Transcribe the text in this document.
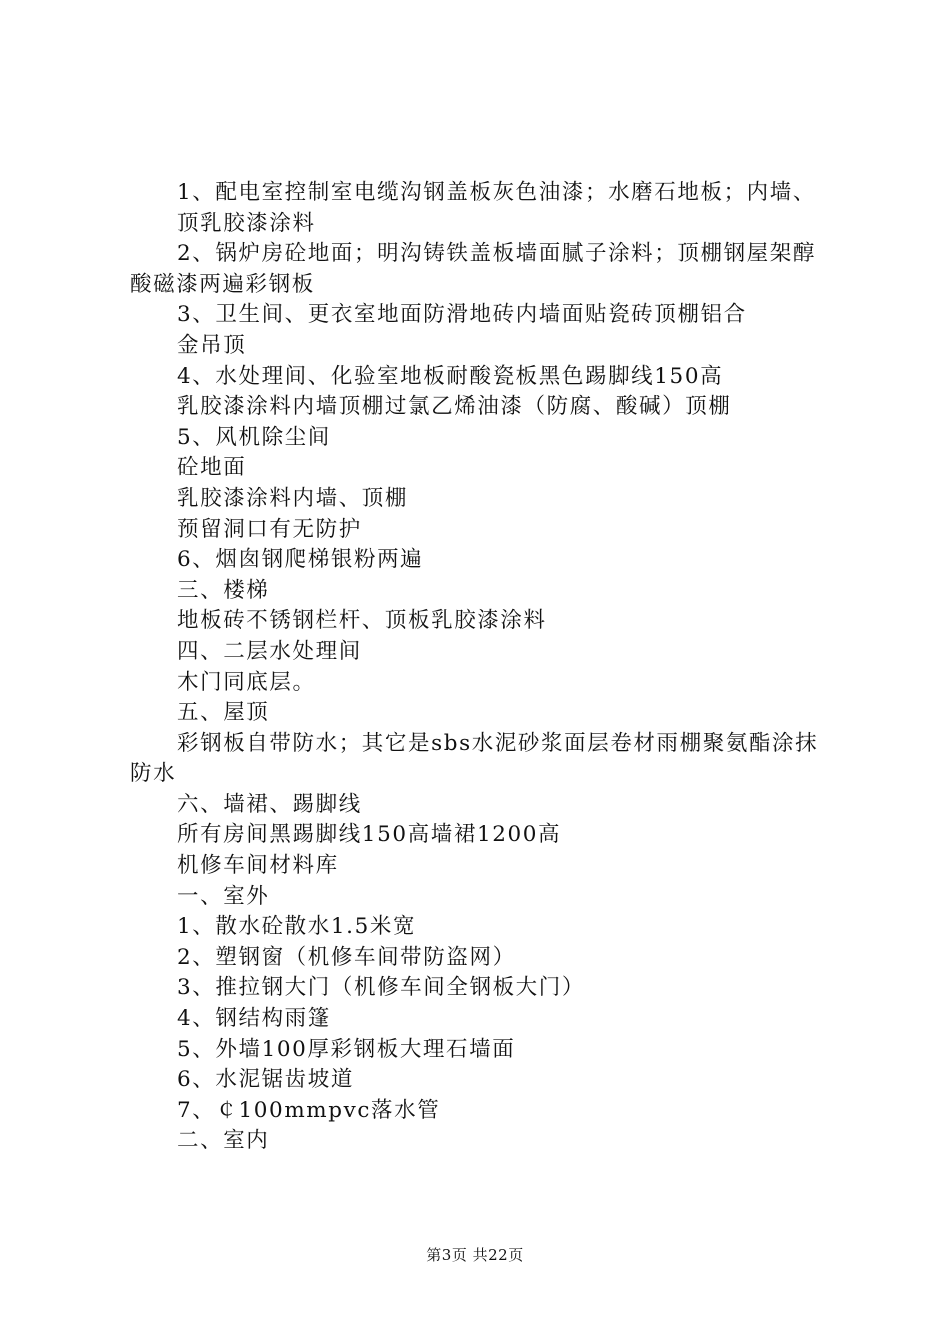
1、配电室控制室电缆沟钢盖板灰色油漆；水磨石地板；内墙、
顶乳胶漆涂料
2、锅炉房砼地面；明沟铸铁盖板墙面腻子涂料；顶棚钢屋架醇酸磁漆两遍彩钢板
3、卫生间、更衣室地面防滑地砖内墙面贴瓷砖顶棚铝合
金吊顶
4、水处理间、化验室地板耐酸瓷板黑色踢脚线150高
乳胶漆涂料内墙顶棚过氯乙烯油漆（防腐、酸碱）顶棚
5、风机除尘间
砼地面
乳胶漆涂料内墙、顶棚
预留洞口有无防护
6、烟囱钢爬梯银粉两遍
三、楼梯
地板砖不锈钢栏杆、顶板乳胶漆涂料
四、二层水处理间
木门同底层。
五、屋顶
彩钢板自带防水；其它是sbs水泥砂浆面层卷材雨棚聚氨酯涂抹防水
六、墙裙、踢脚线
所有房间黑踢脚线150高墙裙1200高
机修车间材料库
一、室外
1、散水砼散水1.5米宽
2、塑钢窗（机修车间带防盗网）
3、推拉钢大门（机修车间全钢板大门）
4、钢结构雨篷
5、外墙100厚彩钢板大理石墙面
6、水泥锯齿坡道
7、￠100mmpvc落水管
二、室内
第3页 共22页
